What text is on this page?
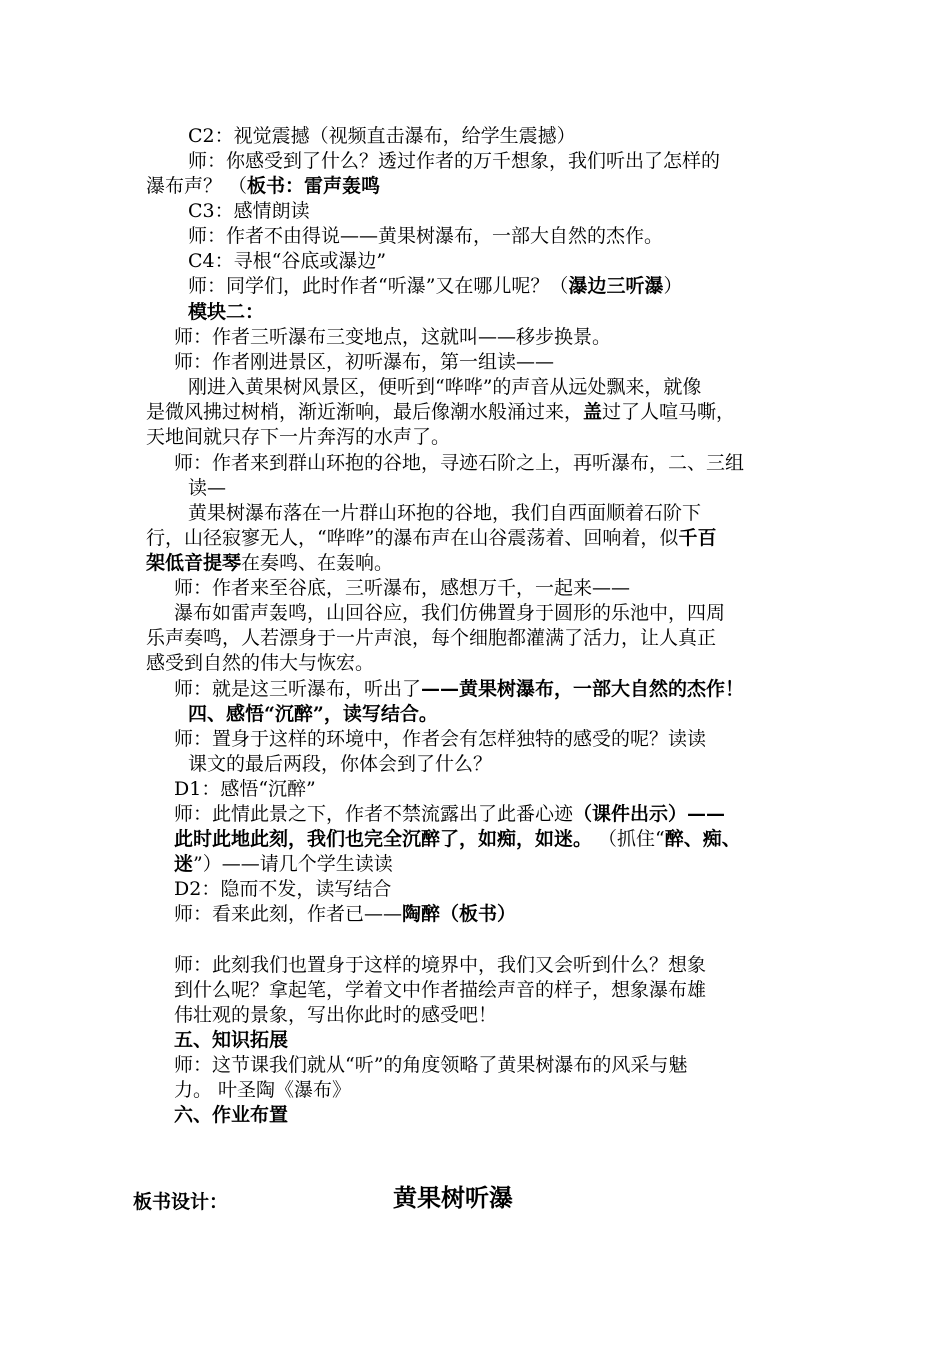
C2：视觉震撼（视频直击瀑布，给学生震撼）
师：你感受到了什么？透过作者的万千想象，我们听出了怎样的
瀑布声？ （板书：雷声轰鸣
C3：感情朗读
师：作者不由得说——黄果树瀑布，一部大自然的杰作。
C4：寻根“谷底或瀑边”
师：同学们，此时作者“听瀑”又在哪儿呢？（瀑边三听瀑）
模块二：
师：作者三听瀑布三变地点，这就叫——移步换景。
师：作者刚进景区，初听瀑布，第一组读——
刚进入黄果树风景区，便听到“哗哗”的声音从远处飘来，就像
是微风拂过树梢，渐近渐响，最后像潮水般涌过来，盖过了人喧马嘶，
天地间就只存下一片奔泻的水声了。
师：作者来到群山环抱的谷地，寻迹石阶之上，再听瀑布，二、三组
读—
黄果树瀑布落在一片群山环抱的谷地，我们自西面顺着石阶下
行，山径寂寥无人，“哗哗”的瀑布声在山谷震荡着、回响着，似千百
架低音提琴在奏鸣、在轰响。
师：作者来至谷底，三听瀑布，感想万千，一起来——
瀑布如雷声轰鸣，山回谷应，我们仿佛置身于圆形的乐池中，四周
乐声奏鸣，人若漂身于一片声浪，每个细胞都灌满了活力，让人真正
感受到自然的伟大与恢宏。
师：就是这三听瀑布，听出了——黄果树瀑布，一部大自然的杰作！
四、感悟“沉醉”，读写结合。
师：置身于这样的环境中，作者会有怎样独特的感受的呢？读读
课文的最后两段，你体会到了什么？
D1：感悟“沉醉”
师：此情此景之下，作者不禁流露出了此番心迹（课件出示）——
此时此地此刻，我们也完全沉醉了，如痴，如迷。 （抓住“醉、痴、
迷”）——请几个学生读读
D2：隐而不发，读写结合
师：看来此刻，作者已——陶醉（板书）
师：此刻我们也置身于这样的境界中，我们又会听到什么？想象
到什么呢？拿起笔，学着文中作者描绘声音的样子，想象瀑布雄
伟壮观的景象，写出你此时的感受吧！
五、知识拓展
师：这节课我们就从“听”的角度领略了黄果树瀑布的风采与魅
力。 叶圣陶《瀑布》
六、作业布置
板书设计：	黄果树听瀑
